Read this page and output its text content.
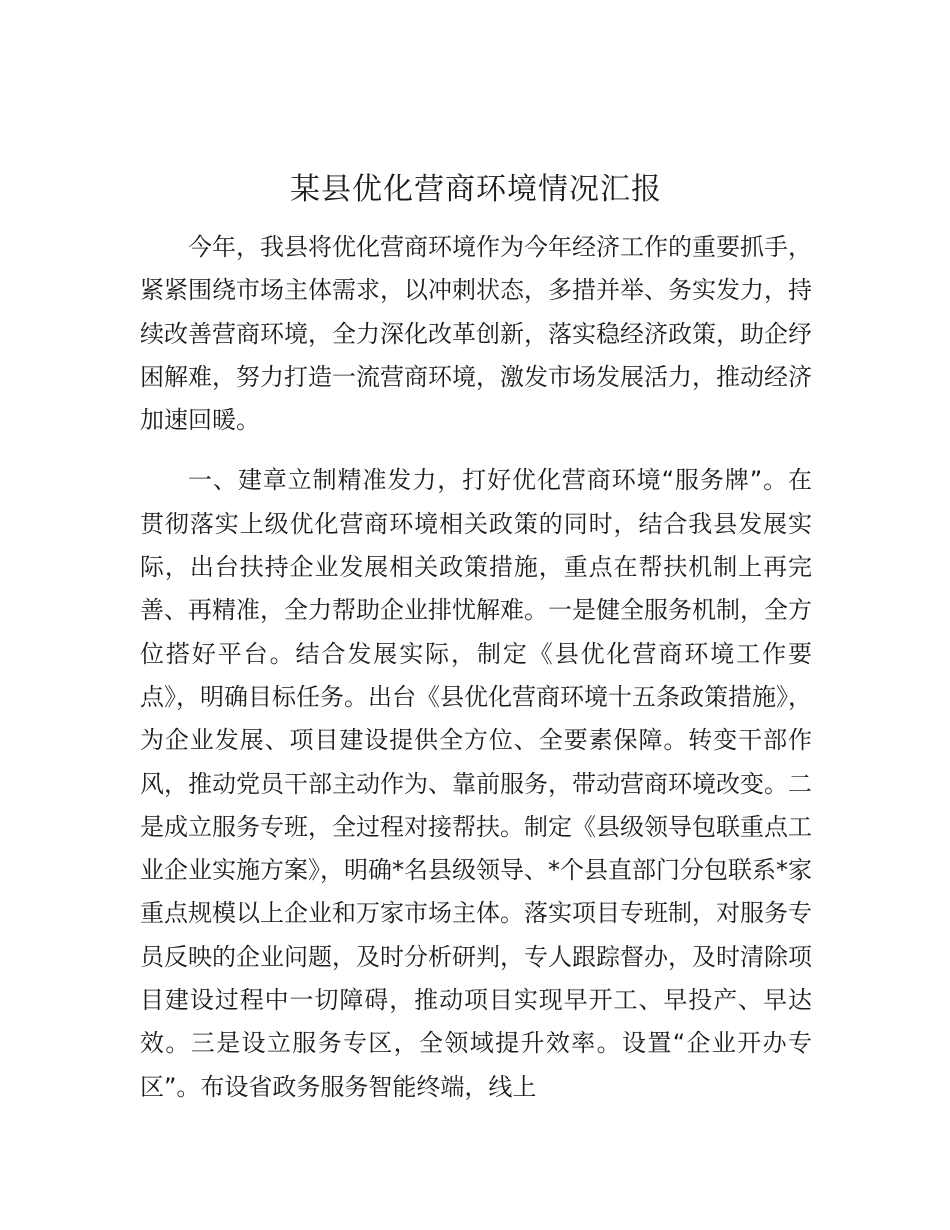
某县优化营商环境情况汇报

今年，我县将优化营商环境作为今年经济工作的重要抓手，紧紧围绕市场主体需求，以冲刺状态，多措并举、务实发力，持续改善营商环境，全力深化改革创新，落实稳经济政策，助企纾困解难，努力打造一流营商环境，激发市场发展活力，推动经济加速回暖。

一、建章立制精准发力，打好优化营商环境“服务牌”。在贯彻落实上级优化营商环境相关政策的同时，结合我县发展实际，出台扶持企业发展相关政策措施，重点在帮扶机制上再完善、再精准，全力帮助企业排忧解难。一是健全服务机制，全方位搭好平台。结合发展实际，制定《县优化营商环境工作要点》，明确目标任务。出台《县优化营商环境十五条政策措施》，为企业发展、项目建设提供全方位、全要素保障。转变干部作风，推动党员干部主动作为、靠前服务，带动营商环境改变。二是成立服务专班，全过程对接帮扶。制定《县级领导包联重点工业企业实施方案》，明确*名县级领导、*个县直部门分包联系*家重点规模以上企业和万家市场主体。落实项目专班制，对服务专员反映的企业问题，及时分析研判，专人跟踪督办，及时清除项目建设过程中一切障碍，推动项目实现早开工、早投产、早达效。三是设立服务专区，全领域提升效率。设置“企业开办专区”。布设省政务服务智能终端，线上
